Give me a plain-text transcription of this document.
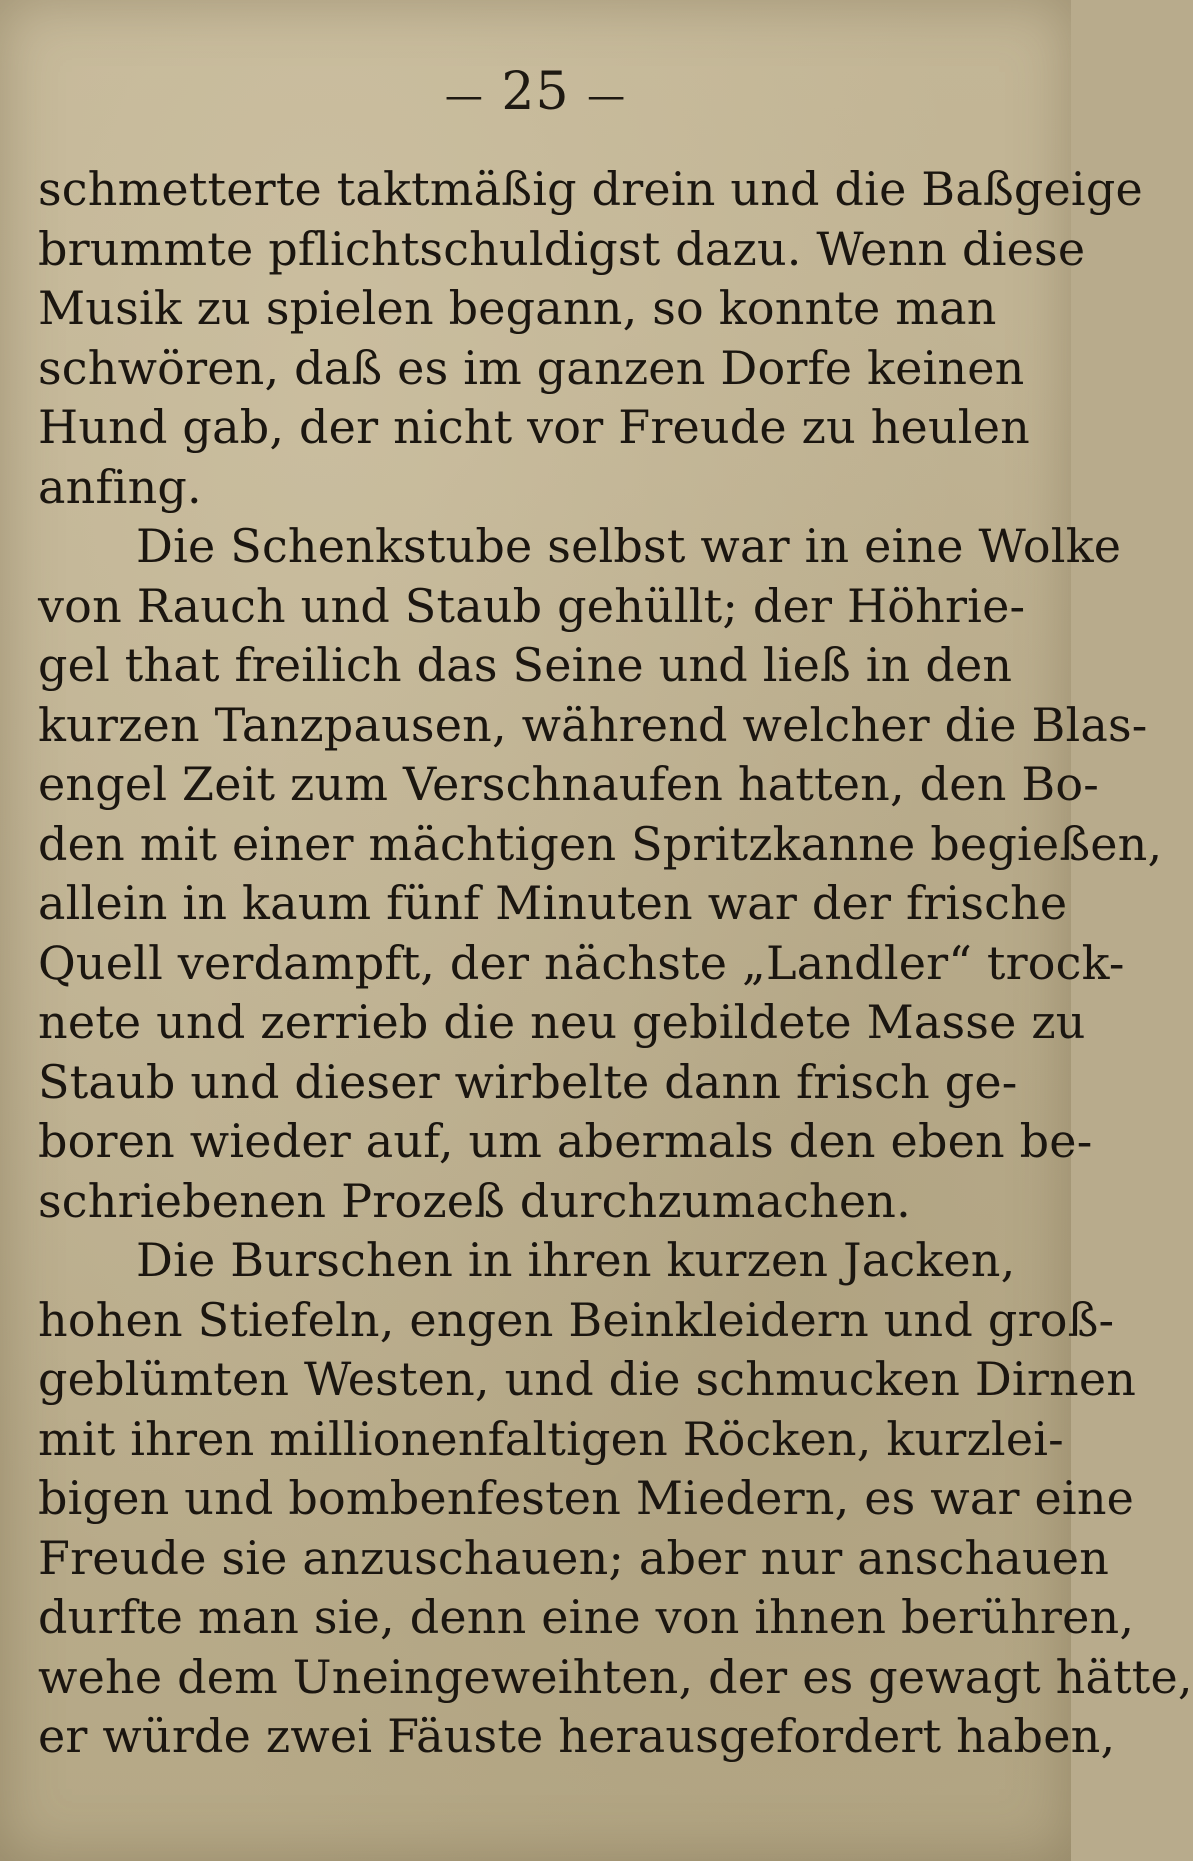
— 25 —
schmetterte taktmäßig drein und die Baßgeige
brummte pflichtschuldigst dazu. Wenn diese
Musik zu spielen begann, so konnte man
schwören, daß es im ganzen Dorfe keinen
Hund gab, der nicht vor Freude zu heulen
anfing.
Die Schenkstube selbst war in eine Wolke
von Rauch und Staub gehüllt; der Höhrie-
gel that freilich das Seine und ließ in den
kurzen Tanzpausen, während welcher die Blas-
engel Zeit zum Verschnaufen hatten, den Bo-
den mit einer mächtigen Spritzkanne begießen,
allein in kaum fünf Minuten war der frische
Quell verdampft, der nächste „Landler“ trock-
nete und zerrieb die neu gebildete Masse zu
Staub und dieser wirbelte dann frisch ge-
boren wieder auf, um abermals den eben be-
schriebenen Prozeß durchzumachen.
Die Burschen in ihren kurzen Jacken,
hohen Stiefeln, engen Beinkleidern und groß-
geblümten Westen, und die schmucken Dirnen
mit ihren millionenfaltigen Röcken, kurzlei-
bigen und bombenfesten Miedern, es war eine
Freude sie anzuschauen; aber nur anschauen
durfte man sie, denn eine von ihnen berühren,
wehe dem Uneingeweihten, der es gewagt hätte,
er würde zwei Fäuste herausgefordert haben,
